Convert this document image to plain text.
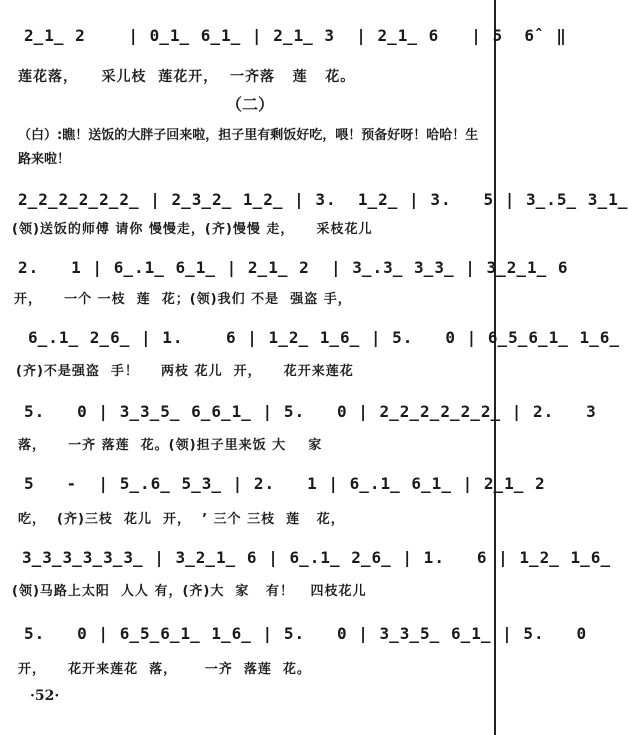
2̲1̲ 2    | 0̲1̲ 6̲1̲ | 2̲1̲ 3  | 2̲1̲ 6   | 5  6̂  ‖
莲花落，    采儿枝  莲花开，  一齐落   莲   花。
（二）
（白）:瞧！送饭的大胖子回来啦，担子里有剩饭好吃，喂！预备好呀！哈哈！生路来啦！
2̲2̲2̲2̲2̲2̲ | 2̲3̲2̲ 1̲2̲ | 3.  1̲2̲ | 3.   5 | 3̲.5̲ 3̲1̲
(领)送饭的师傅 请你 慢慢走，(齐)慢慢 走，    采枝花儿
2.   1 | 6̲.1̲ 6̲1̲ | 2̲1̲ 2  | 3̲.3̲ 3̲3̲ | 3̲2̲1̲ 6
开，    一个 一枝  莲  花；(领)我们 不是  强盗 手，
6̲.1̲ 2̲6̲ | 1.    6 | 1̲2̲ 1̲6̲ | 5.   0 | 6̲5̲6̲1̲ 1̲6̲
(齐)不是强盗  手！    两枝 花儿  开，    花开来莲花
5.   0 | 3̲3̲5̲ 6̲6̲1̲ | 5.   0 | 2̲2̲2̲2̲2̲2̲ | 2.   3
落，    一齐 落莲  花。(领)担子里来饭 大    家
5   -  | 5̲.6̲ 5̲3̲ | 2.   1 | 6̲.1̲ 6̲1̲ | 2̲1̲ 2
吃，  (齐)三枝  花儿  开，  ’ 三个 三枝  莲   花，
3̲3̲3̲3̲3̲3̲ | 3̲2̲1̲ 6 | 6̲.1̲ 2̲6̲ | 1.   6 | 1̲2̲ 1̲6̲
(领)马路上太阳  人人 有，(齐)大  家   有！   四枝花儿
5.   0 | 6̲5̲6̲1̲ 1̲6̲ | 5.   0 | 3̲3̲5̲ 6̲1̲ | 5.   0
开，    花开来莲花  落，     一齐  落莲  花。
·52·
